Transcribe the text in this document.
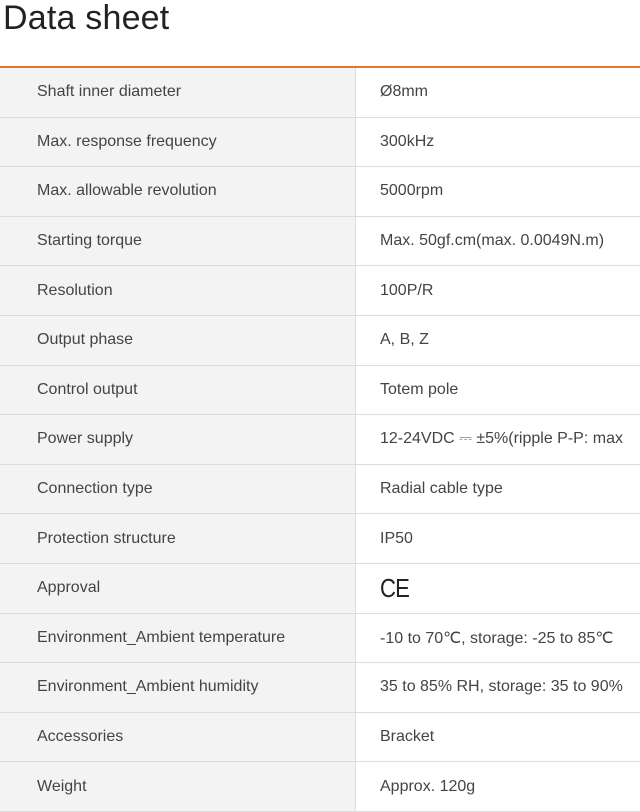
Data sheet
Shaft inner diameter	Ø8mm
Max. response frequency	300kHz
Max. allowable revolution	5000rpm
Starting torque	Max. 50gf.cm(max. 0.0049N.m)
Resolution	100P/R
Output phase	A, B, Z
Control output	Totem pole
Power supply	12-24VDC ⎓ ±5%(ripple P-P: max
Connection type	Radial cable type
Protection structure	IP50
Approval	CE
Environment_Ambient temperature	-10 to 70℃, storage: -25 to 85℃
Environment_Ambient humidity	35 to 85% RH, storage: 35 to 90%
Accessories	Bracket
Weight	Approx. 120g
